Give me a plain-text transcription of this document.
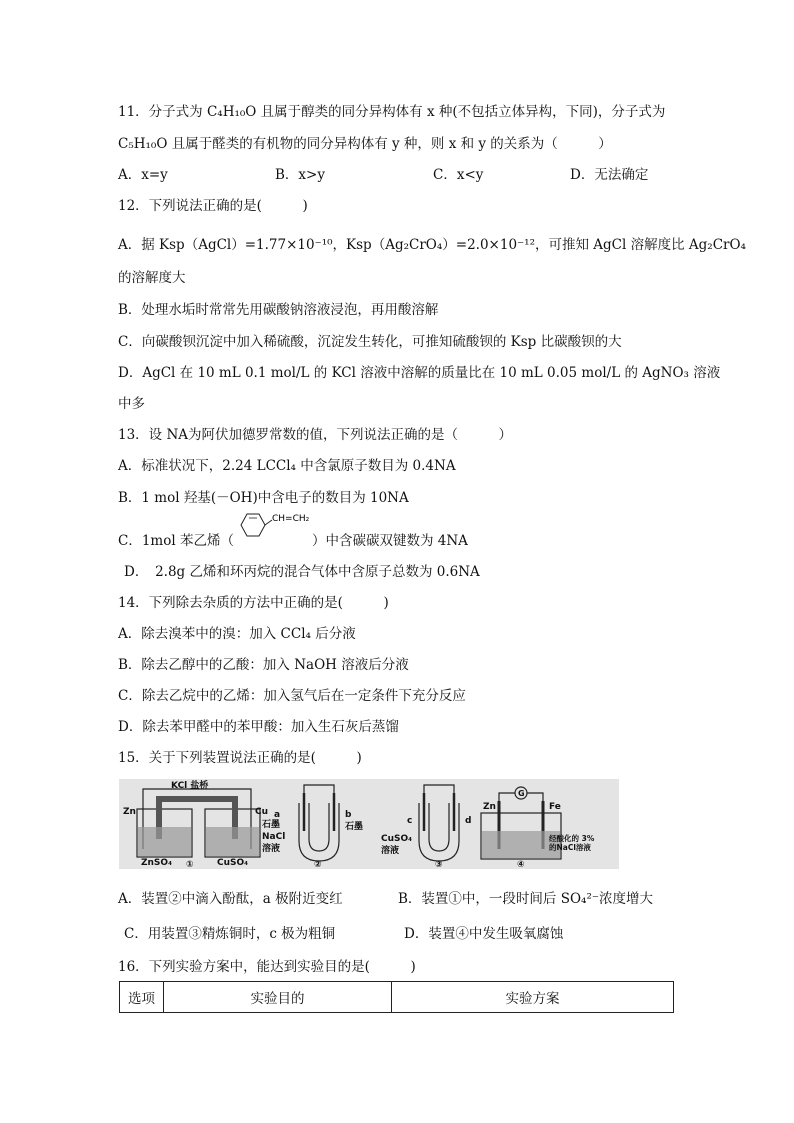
11．分子式为 C₄H₁₀O 且属于醇类的同分异构体有 x 种(不包括立体异构，下同)，分子式为
C₅H₁₀O 且属于醛类的有机物的同分异构体有 y 种，则 x 和 y 的关系为（　　　）
A．x=y	B．x>y	C．x<y	D．无法确定
12．下列说法正确的是(　　　)
A．据 Ksp（AgCl）=1.77×10⁻¹⁰，Ksp（Ag₂CrO₄）=2.0×10⁻¹²，可推知 AgCl 溶解度比 Ag₂CrO₄
的溶解度大
B．处理水垢时常常先用碳酸钠溶液浸泡，再用酸溶解
C．向碳酸钡沉淀中加入稀硫酸，沉淀发生转化，可推知硫酸钡的 Ksp 比碳酸钡的大
D．AgCl 在 10 mL 0.1 mol/L 的 KCl 溶液中溶解的质量比在 10 mL 0.05 mol/L 的 AgNO₃ 溶液
中多
13．设 NA为阿伏加德罗常数的值，下列说法正确的是（　　　）
A．标准状况下，2.24 LCCl₄ 中含氯原子数目为 0.4NA
B．1 mol 羟基(－OH)中含电子的数目为 10NA
C．1mol 苯乙烯（
CH=CH₂
）中含碳碳双键数为 4NA
D．　2.8g 乙烯和环丙烷的混合气体中含原子总数为 0.6NA
14．下列除去杂质的方法中正确的是(　　　)
A．除去溴苯中的溴：加入 CCl₄ 后分液
B．除去乙醇中的乙酸：加入 NaOH 溶液后分液
C．除去乙烷中的乙烯：加入氢气后在一定条件下充分反应
D．除去苯甲醛中的苯甲酸：加入生石灰后蒸馏
15．关于下列装置说法正确的是(　　　)
KCl 盐桥
Zn	Cu
ZnSO₄	CuSO₄
①
a
石墨
NaCl
溶液
b
石墨
②
c	d
CuSO₄
溶液
③
Zn	Fe
G
经酸化的 3%
的NaCl溶液
④
A．装置②中滴入酚酞，a 极附近变红	B．装置①中，一段时间后 SO₄²⁻浓度增大
C．用装置③精炼铜时，c 极为粗铜	D．装置④中发生吸氧腐蚀
16．下列实验方案中，能达到实验目的是(　　　)
选项	实验目的	实验方案
